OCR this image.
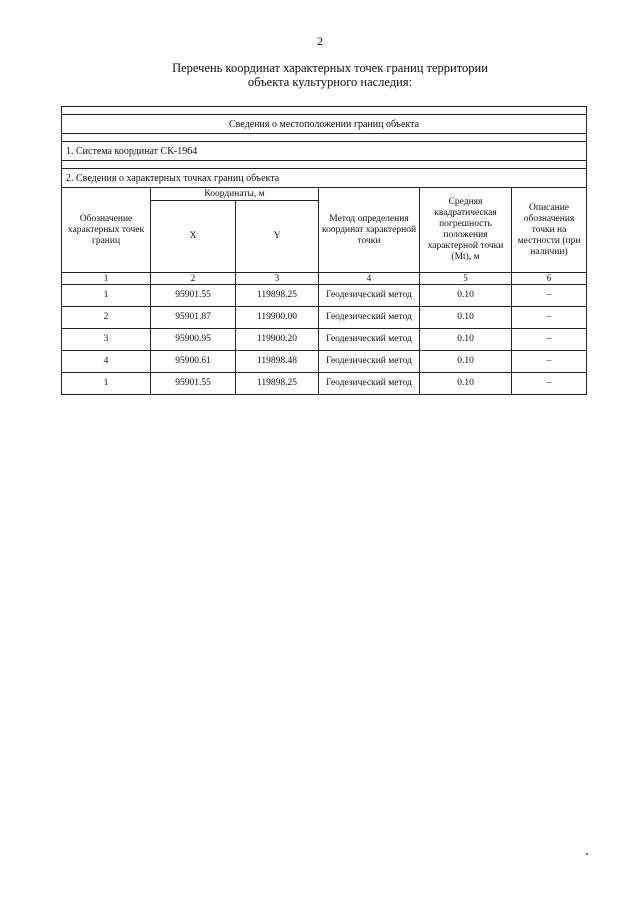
2
Перечень координат характерных точек границ территории
объекта культурного наследия:

Сведения о местоположении границ объекта					

1. Система координат СК-1964					

2. Сведения о характерных точках границ объекта					
Обозначение характерных точек границ	Координаты, м		Метод определения координат характерной точки	Средняя квадратическая погрешность положения характерной точки (Mt), м	Описание обозначения точки на местности (при наличии)
	X	Y			
1	2	3	4	5	6
1	95901.55	119898.25	Геодезический метод	0.10	–
2	95901.87	119900.00	Геодезический метод	0.10	–
3	95900.95	119900.20	Геодезический метод	0.10	–
4	95900.61	119898.48	Геодезический метод	0.10	–
1	95901.55	119898.25	Геодезический метод	0.10	–
